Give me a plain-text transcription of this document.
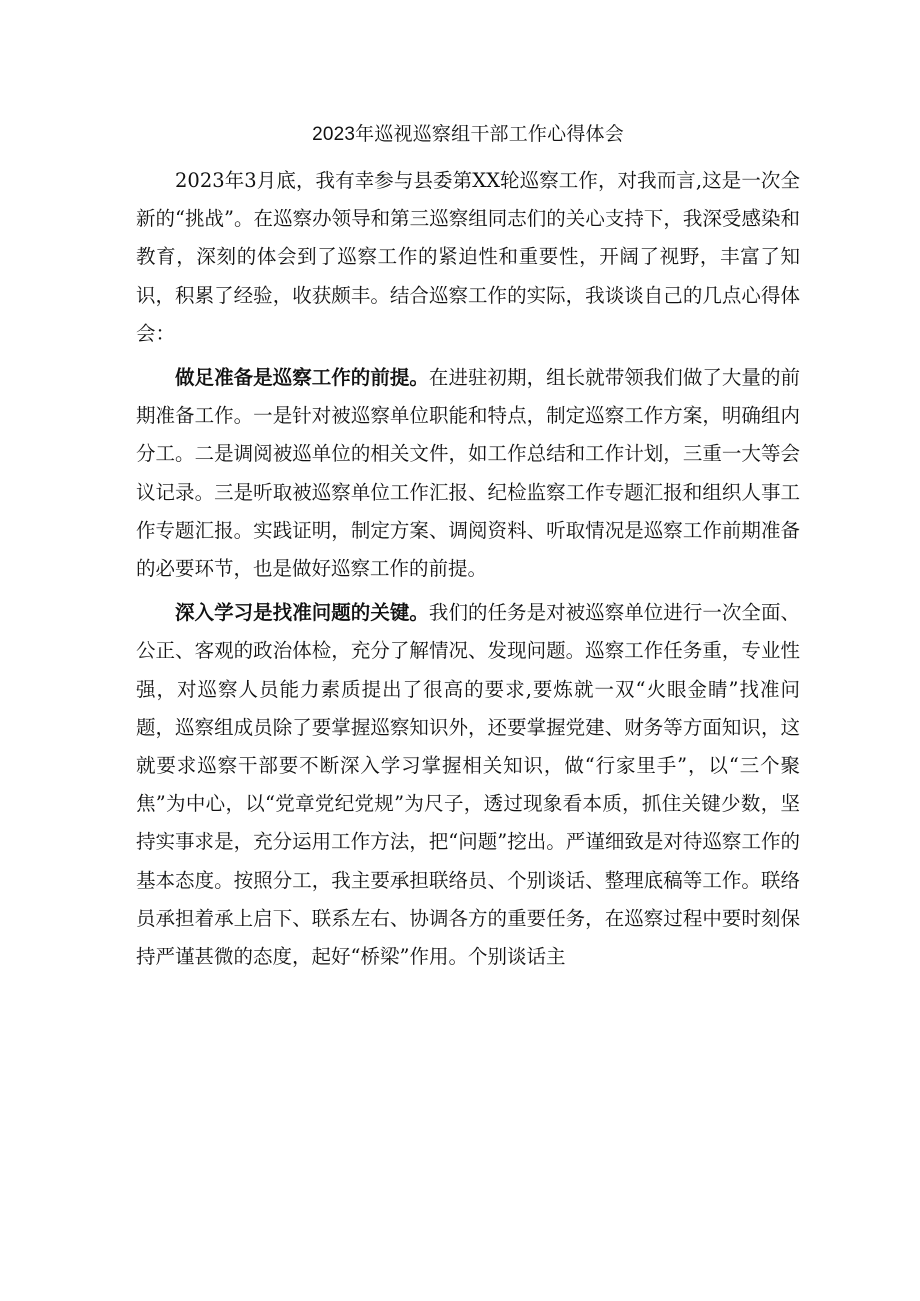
2023年巡视巡察组干部工作心得体会

2023年3月底，我有幸参与县委第XX轮巡察工作，对我而言,这是一次全新的“挑战”。在巡察办领导和第三巡察组同志们的关心支持下，我深受感染和教育，深刻的体会到了巡察工作的紧迫性和重要性，开阔了视野，丰富了知识，积累了经验，收获颇丰。结合巡察工作的实际，我谈谈自己的几点心得体会：

做足准备是巡察工作的前提。在进驻初期，组长就带领我们做了大量的前期准备工作。一是针对被巡察单位职能和特点，制定巡察工作方案，明确组内分工。二是调阅被巡单位的相关文件，如工作总结和工作计划，三重一大等会议记录。三是听取被巡察单位工作汇报、纪检监察工作专题汇报和组织人事工作专题汇报。实践证明，制定方案、调阅资料、听取情况是巡察工作前期准备的必要环节，也是做好巡察工作的前提。

深入学习是找准问题的关键。我们的任务是对被巡察单位进行一次全面、公正、客观的政治体检，充分了解情况、发现问题。巡察工作任务重，专业性强，对巡察人员能力素质提出了很高的要求,要炼就一双“火眼金睛”找准问题，巡察组成员除了要掌握巡察知识外，还要掌握党建、财务等方面知识，这就要求巡察干部要不断深入学习掌握相关知识，做“行家里手”，以“三个聚焦”为中心，以“党章党纪党规”为尺子，透过现象看本质，抓住关键少数，坚持实事求是，充分运用工作方法，把“问题”挖出。严谨细致是对待巡察工作的基本态度。按照分工，我主要承担联络员、个别谈话、整理底稿等工作。联络员承担着承上启下、联系左右、协调各方的重要任务，在巡察过程中要时刻保持严谨甚微的态度，起好“桥梁”作用。个别谈话主
